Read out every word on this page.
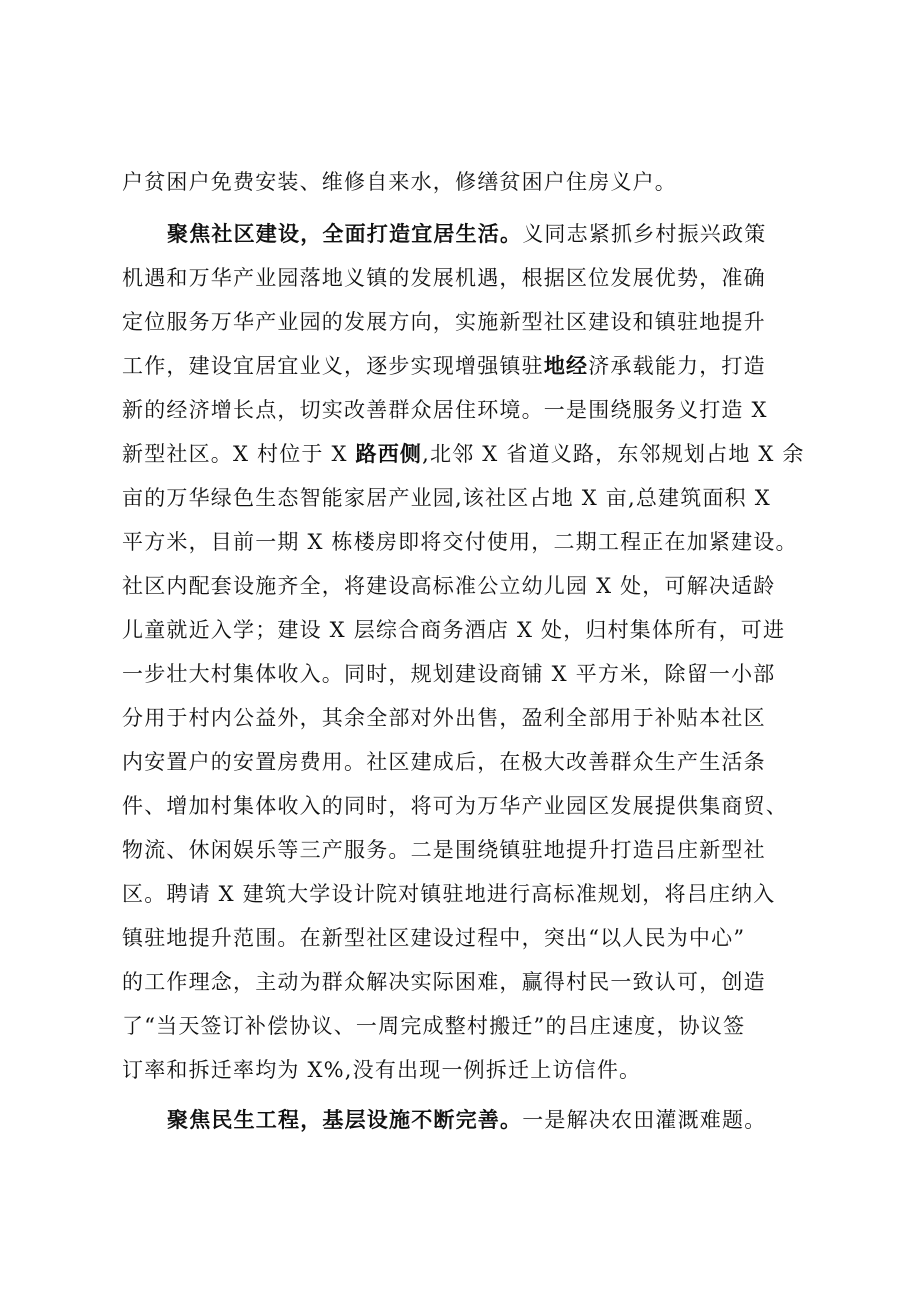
户贫困户免费安装、维修自来水，修缮贫困户住房义户。
聚焦社区建设，全面打造宜居生活。义同志紧抓乡村振兴政策
机遇和万华产业园落地义镇的发展机遇，根据区位发展优势，准确
定位服务万华产业园的发展方向，实施新型社区建设和镇驻地提升
工作，建设宜居宜业义，逐步实现增强镇驻地经济承载能力，打造
新的经济增长点，切实改善群众居住环境。一是围绕服务义打造 X
新型社区。X 村位于 X 路西侧,北邻 X 省道义路，东邻规划占地 X 余
亩的万华绿色生态智能家居产业园,该社区占地 X 亩,总建筑面积 X
平方米，目前一期 X 栋楼房即将交付使用，二期工程正在加紧建设。
社区内配套设施齐全，将建设高标准公立幼儿园 X 处，可解决适龄
儿童就近入学；建设 X 层综合商务酒店 X 处，归村集体所有，可进
一步壮大村集体收入。同时，规划建设商铺 X 平方米，除留一小部
分用于村内公益外，其余全部对外出售，盈利全部用于补贴本社区
内安置户的安置房费用。社区建成后，在极大改善群众生产生活条
件、增加村集体收入的同时，将可为万华产业园区发展提供集商贸、
物流、休闲娱乐等三产服务。二是围绕镇驻地提升打造吕庄新型社
区。聘请 X 建筑大学设计院对镇驻地进行高标准规划，将吕庄纳入
镇驻地提升范围。在新型社区建设过程中，突出“以人民为中心”
的工作理念，主动为群众解决实际困难，赢得村民一致认可，创造
了“当天签订补偿协议、一周完成整村搬迁”的吕庄速度，协议签
订率和拆迁率均为 X%,没有出现一例拆迁上访信件。
聚焦民生工程，基层设施不断完善。一是解决农田灌溉难题。
